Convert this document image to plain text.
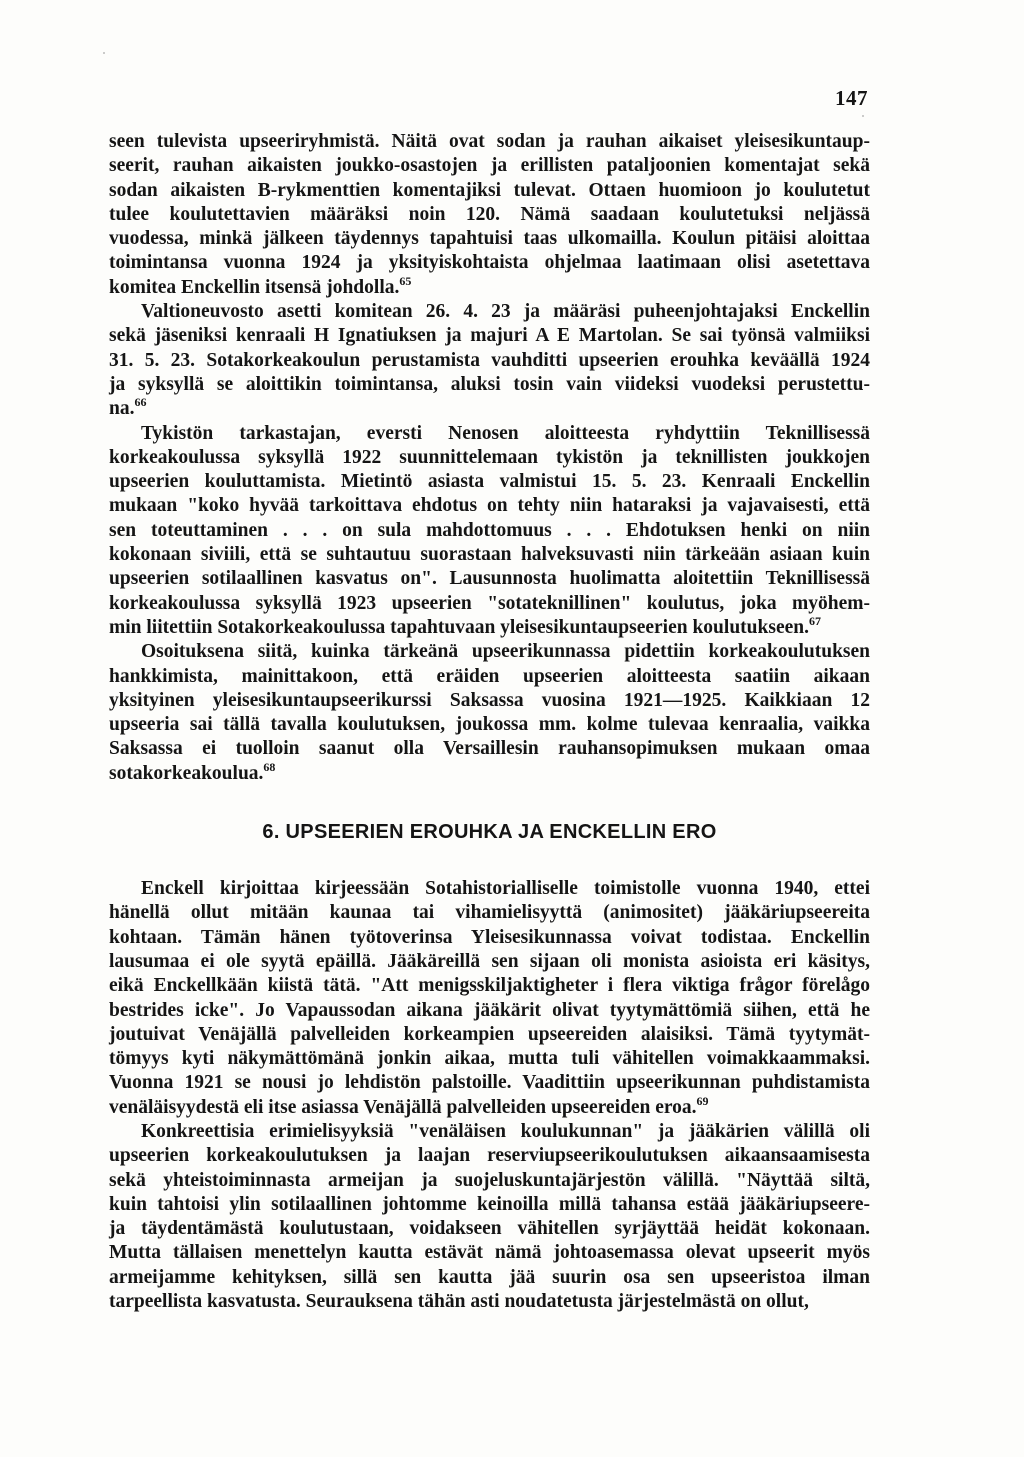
147
seen tulevista upseeriryhmistä. Näitä ovat sodan ja rauhan aikaiset yleisesikuntaup-
seerit, rauhan aikaisten joukko-osastojen ja erillisten pataljoonien komentajat sekä
sodan aikaisten B-rykmenttien komentajiksi tulevat. Ottaen huomioon jo koulutetut
tulee koulutettavien määräksi noin 120. Nämä saadaan koulutetuksi neljässä
vuodessa, minkä jälkeen täydennys tapahtuisi taas ulkomailla. Koulun pitäisi aloittaa
toimintansa vuonna 1924 ja yksityiskohtaista ohjelmaa laatimaan olisi asetettava
komitea Enckellin itsensä johdolla.$^{65}$
Valtioneuvosto asetti komitean 26. 4. 23 ja määräsi puheenjohtajaksi Enckellin
sekä jäseniksi kenraali H Ignatiuksen ja majuri A E Martolan. Se sai työnsä valmiiksi
31. 5. 23. Sotakorkeakoulun perustamista vauhditti upseerien erouhka keväällä 1924
ja syksyllä se aloittikin toimintansa, aluksi tosin vain viideksi vuodeksi perustettu-
na.$^{66}$
Tykistön tarkastajan, eversti Nenosen aloitteesta ryhdyttiin Teknillisessä
korkeakoulussa syksyllä 1922 suunnittelemaan tykistön ja teknillisten joukkojen
upseerien kouluttamista. Mietintö asiasta valmistui 15. 5. 23. Kenraali Enckellin
mukaan "koko hyvää tarkoittava ehdotus on tehty niin hataraksi ja vajavaisesti, että
sen toteuttaminen . . . on sula mahdottomuus . . . Ehdotuksen henki on niin
kokonaan siviili, että se suhtautuu suorastaan halveksuvasti niin tärkeään asiaan kuin
upseerien sotilaallinen kasvatus on". Lausunnosta huolimatta aloitettiin Teknillisessä
korkeakoulussa syksyllä 1923 upseerien "sotateknillinen" koulutus, joka myöhem-
min liitettiin Sotakorkeakoulussa tapahtuvaan yleisesikuntaupseerien koulutukseen.$^{67}$
Osoituksena siitä, kuinka tärkeänä upseerikunnassa pidettiin korkeakoulutuksen
hankkimista, mainittakoon, että eräiden upseerien aloitteesta saatiin aikaan
yksityinen yleisesikuntaupseerikurssi Saksassa vuosina 1921—1925. Kaikkiaan 12
upseeria sai tällä tavalla koulutuksen, joukossa mm. kolme tulevaa kenraalia, vaikka
Saksassa ei tuolloin saanut olla Versaillesin rauhansopimuksen mukaan omaa
sotakorkeakoulua.$^{68}$
6. UPSEERIEN EROUHKA JA ENCKELLIN ERO
Enckell kirjoittaa kirjeessään Sotahistorialliselle toimistolle vuonna 1940, ettei
hänellä ollut mitään kaunaa tai vihamielisyyttä (animositet) jääkäriupseereita
kohtaan. Tämän hänen työtoverinsa Yleisesikunnassa voivat todistaa. Enckellin
lausumaa ei ole syytä epäillä. Jääkäreillä sen sijaan oli monista asioista eri käsitys,
eikä Enckellkään kiistä tätä. "Att menigsskiljaktigheter i flera viktiga frågor förelågo
bestrides icke". Jo Vapaussodan aikana jääkärit olivat tyytymättömiä siihen, että he
joutuivat Venäjällä palvelleiden korkeampien upseereiden alaisiksi. Tämä tyytymät-
tömyys kyti näkymättömänä jonkin aikaa, mutta tuli vähitellen voimakkaammaksi.
Vuonna 1921 se nousi jo lehdistön palstoille. Vaadittiin upseerikunnan puhdistamista
venäläisyydestä eli itse asiassa Venäjällä palvelleiden upseereiden eroa.$^{69}$
Konkreettisia erimielisyyksiä "venäläisen koulukunnan" ja jääkärien välillä oli
upseerien korkeakoulutuksen ja laajan reserviupseerikoulutuksen aikaansaamisesta
sekä yhteistoiminnasta armeijan ja suojeluskuntajärjestön välillä. "Näyttää siltä,
kuin tahtoisi ylin sotilaallinen johtomme keinoilla millä tahansa estää jääkäriupseere-
ja täydentämästä koulutustaan, voidakseen vähitellen syrjäyttää heidät kokonaan.
Mutta tällaisen menettelyn kautta estävät nämä johtoasemassa olevat upseerit myös
armeijamme kehityksen, sillä sen kautta jää suurin osa sen upseeristoa ilman
tarpeellista kasvatusta. Seurauksena tähän asti noudatetusta järjestelmästä on ollut,
